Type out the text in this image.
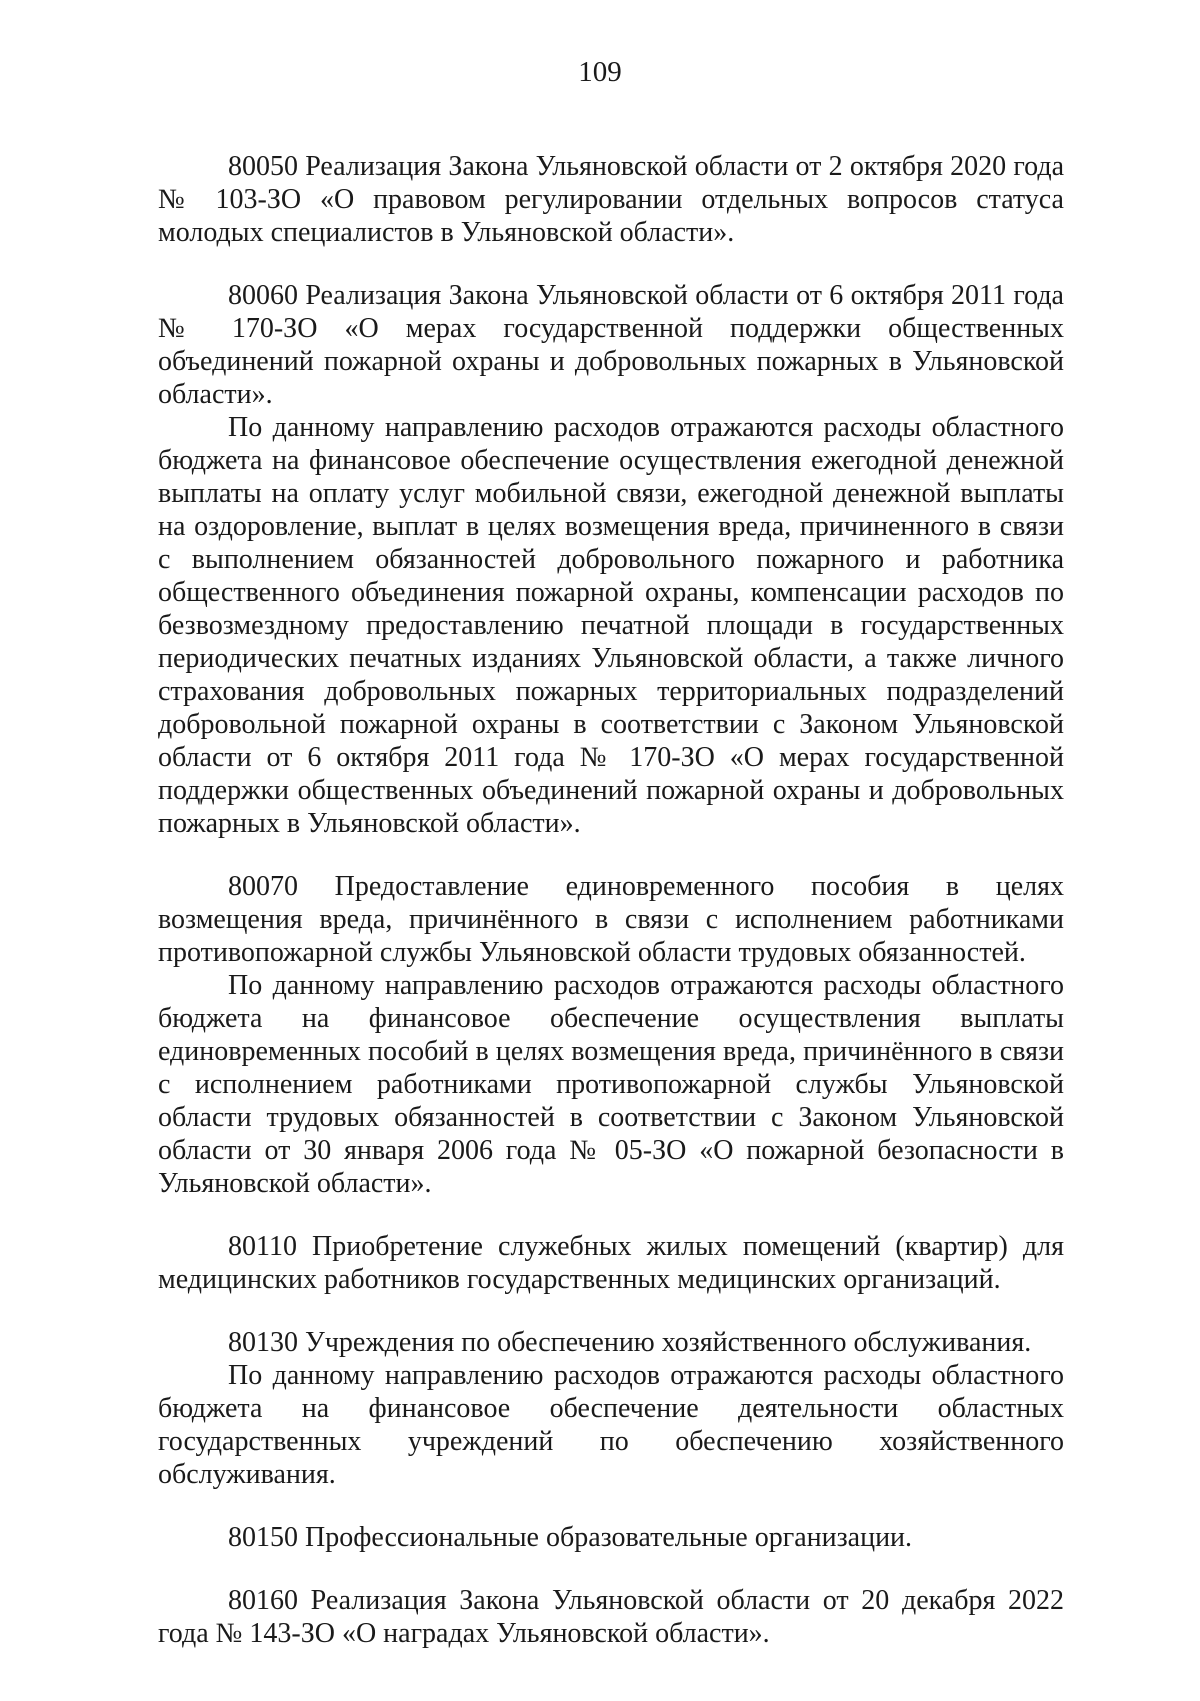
109

80050 Реализация Закона Ульяновской области от 2 октября 2020 года № 103-ЗО «О правовом регулировании отдельных вопросов статуса молодых специалистов в Ульяновской области».

80060 Реализация Закона Ульяновской области от 6 октября 2011 года № 170-ЗО «О мерах государственной поддержки общественных объединений пожарной охраны и добровольных пожарных в Ульяновской области».

По данному направлению расходов отражаются расходы областного бюджета на финансовое обеспечение осуществления ежегодной денежной выплаты на оплату услуг мобильной связи, ежегодной денежной выплаты на оздоровление, выплат в целях возмещения вреда, причиненного в связи с выполнением обязанностей добровольного пожарного и работника общественного объединения пожарной охраны, компенсации расходов по безвозмездному предоставлению печатной площади в государственных периодических печатных изданиях Ульяновской области, а также личного страхования добровольных пожарных территориальных подразделений добровольной пожарной охраны в соответствии с Законом Ульяновской области от 6 октября 2011 года № 170-ЗО «О мерах государственной поддержки общественных объединений пожарной охраны и добровольных пожарных в Ульяновской области».

80070 Предоставление единовременного пособия в целях возмещения вреда, причинённого в связи с исполнением работниками противопожарной службы Ульяновской области трудовых обязанностей.

По данному направлению расходов отражаются расходы областного бюджета на финансовое обеспечение осуществления выплаты единовременных пособий в целях возмещения вреда, причинённого в связи с исполнением работниками противопожарной службы Ульяновской области трудовых обязанностей в соответствии с Законом Ульяновской области от 30 января 2006 года № 05-ЗО «О пожарной безопасности в Ульяновской области».

80110 Приобретение служебных жилых помещений (квартир) для медицинских работников государственных медицинских организаций.

80130 Учреждения по обеспечению хозяйственного обслуживания.

По данному направлению расходов отражаются расходы областного бюджета на финансовое обеспечение деятельности областных государственных учреждений по обеспечению хозяйственного обслуживания.

80150 Профессиональные образовательные организации.

80160 Реализация Закона Ульяновской области от 20 декабря 2022 года № 143-ЗО «О наградах Ульяновской области».
